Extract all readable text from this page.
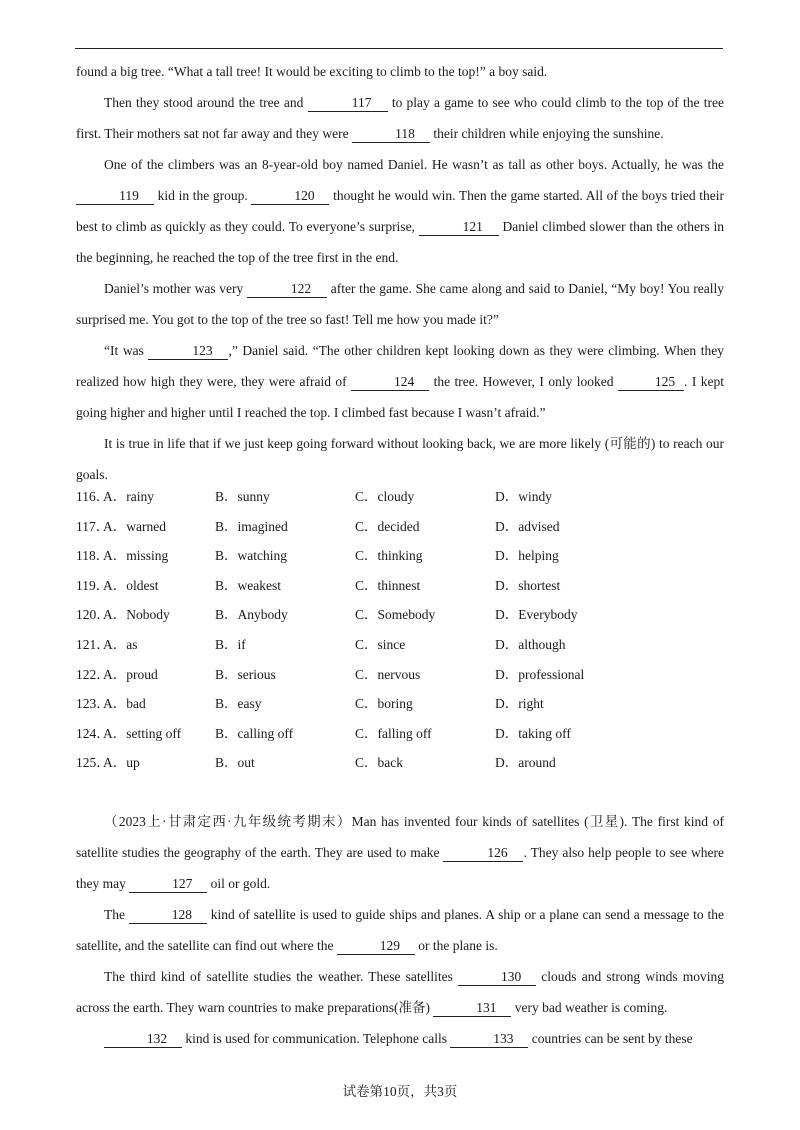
found a big tree. “What a tall tree! It would be exciting to climb to the top!” a boy said.

Then they stood around the tree and	117 to play a game to see who could climb to the top of the tree first. Their mothers sat not far away and they were	118 their children while enjoying the sunshine.

One of the climbers was an 8-year-old boy named Daniel. He wasn’t as tall as other boys. Actually, he was the 119 kid in the group.	120 thought he would win. Then the game started. All of the boys tried their best to climb as quickly as they could. To everyone’s surprise,	121 Daniel climbed slower than the others in the beginning, he reached the top of the tree first in the end.

Daniel’s mother was very	122 after the game. She came along and said to Daniel, “My boy! You really surprised me. You got to the top of the tree so fast! Tell me how you made it?”

“It was	123 ,” Daniel said. “The other children kept looking down as they were climbing. When they realized how high they were, they were afraid of	124 the tree. However, I only looked	125 . I kept going higher and higher until I reached the top. I climbed fast because I wasn’t afraid.”

It is true in life that if we just keep going forward without looking back, we are more likely (可能的) to reach our goals.

116．
A．rainy	B．sunny	C．cloudy	D．windy
117．
A．warned	B．imagined	C．decided	D．advised
118．
A．missing	B．watching	C．thinking	D．helping
119．
A．oldest	B．weakest	C．thinnest	D．shortest
120．
A．Nobody	B．Anybody	C．Somebody	D．Everybody
121．
A．as	B．if	C．since	D．although
122．
A．proud	B．serious	C．nervous	D．professional
123．
A．bad	B．easy	C．boring	D．right
124．
A．setting off	B．calling off	C．falling off	D．taking off
125．
A．up	B．out	C．back	D．around

（2023上·甘肃定西·九年级统考期末）Man has invented four kinds of satellites (卫星). The first kind of satellite studies the geography of the earth. They are used to make	126 . They also help people to see where they may	127 oil or gold.

The	128 kind of satellite is used to guide ships and planes. A ship or a plane can send a message to the satellite, and the satellite can find out where the	129 or the plane is.

The third kind of satellite studies the weather. These satellites	130 clouds and strong winds moving across the earth. They warn countries to make preparations(准备)	131 very bad weather is coming.

132 kind is used for communication. Telephone calls	133 countries can be sent by these

试卷第10页，共3页
